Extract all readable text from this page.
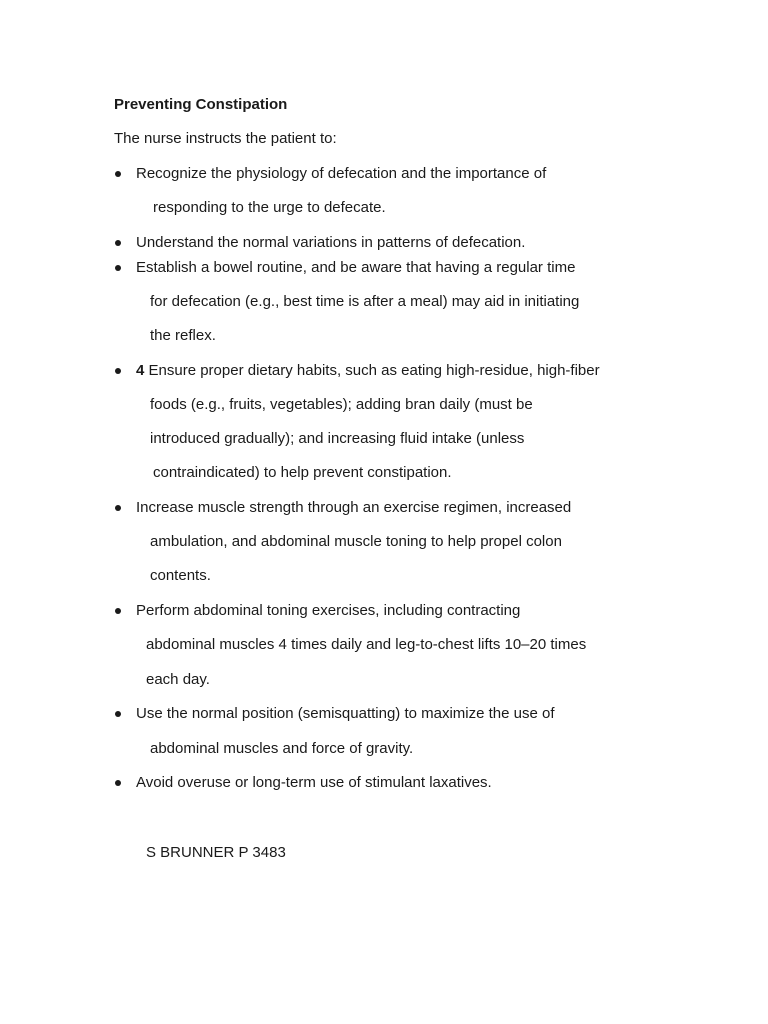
Preventing Constipation
The nurse instructs the patient to:
Recognize the physiology of defecation and the importance of
responding to the urge to defecate.
Understand the normal variations in patterns of defecation.
Establish a bowel routine, and be aware that having a regular time
for defecation (e.g., best time is after a meal) may aid in initiating
the reflex.
4 Ensure proper dietary habits, such as eating high-residue, high-fiber
foods (e.g., fruits, vegetables); adding bran daily (must be
introduced gradually); and increasing fluid intake (unless
contraindicated) to help prevent constipation.
Increase muscle strength through an exercise regimen, increased
ambulation, and abdominal muscle toning to help propel colon
contents.
Perform abdominal toning exercises, including contracting
abdominal muscles 4 times daily and leg-to-chest lifts 10–20 times
each day.
Use the normal position (semisquatting) to maximize the use of
abdominal muscles and force of gravity.
Avoid overuse or long-term use of stimulant laxatives.
S BRUNNER P 3483
